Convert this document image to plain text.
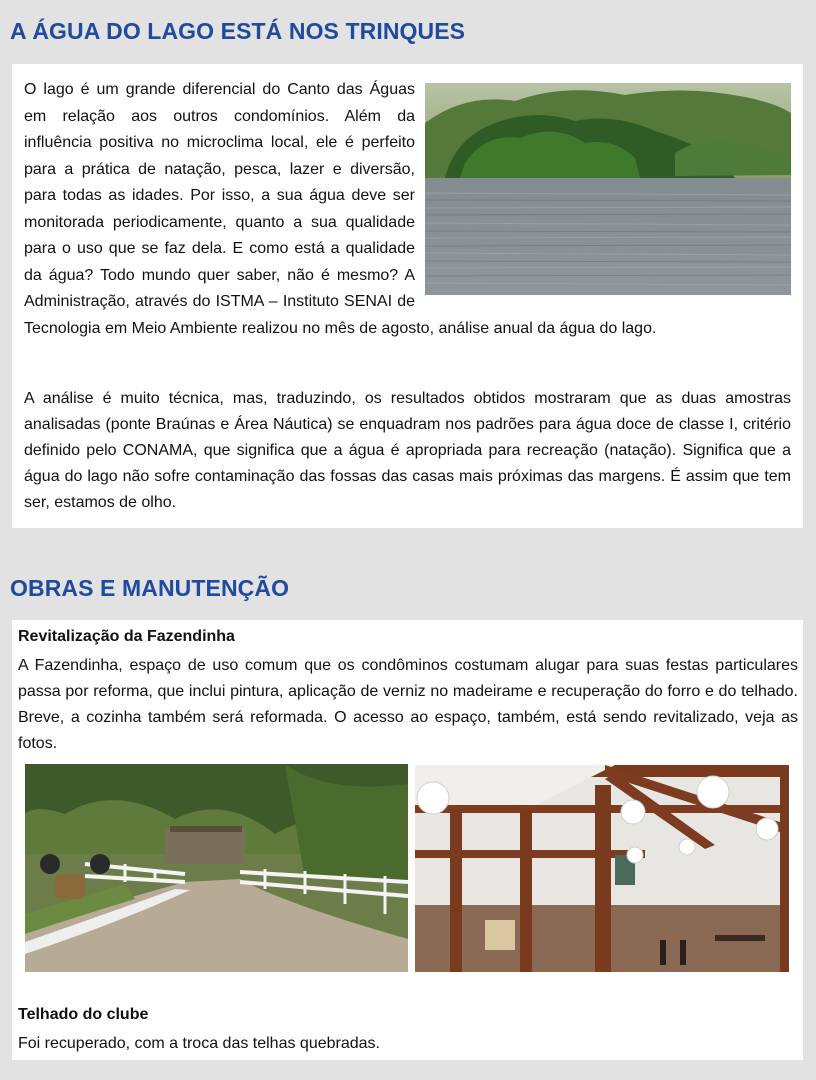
A ÁGUA DO LAGO ESTÁ NOS TRINQUES

O lago é um grande diferencial do Canto das Águas em relação aos outros condomínios. Além da influência positiva no microclima local, ele é perfeito para a prática de natação, pesca, lazer e diversão, para todas as idades. Por isso, a sua água deve ser monitorada periodicamente, quanto a sua qualidade para o uso que se faz dela. E como está a qualidade da água? Todo mundo quer saber, não é mesmo? A Administração, através do ISTMA – Instituto SENAI de Tecnologia em Meio Ambiente realizou no mês de agosto, análise anual da água do lago.

A análise é muito técnica, mas, traduzindo, os resultados obtidos mostraram que as duas amostras analisadas (ponte Braúnas e Área Náutica) se enquadram nos padrões para água doce de classe I, critério definido pelo CONAMA, que significa que a água é apropriada para recreação (natação). Significa que a água do lago não sofre contaminação das fossas das casas mais próximas das margens. É assim que tem ser, estamos de olho.

OBRAS E MANUTENÇÃO

Revitalização da Fazendinha

A Fazendinha, espaço de uso comum que os condôminos costumam alugar para suas festas particulares passa por reforma, que inclui pintura, aplicação de verniz no madeirame e recuperação do forro e do telhado. Breve, a cozinha também será reformada. O acesso ao espaço, também, está sendo revitalizado, veja as fotos.

Telhado do clube

Foi recuperado, com a troca das telhas quebradas.
